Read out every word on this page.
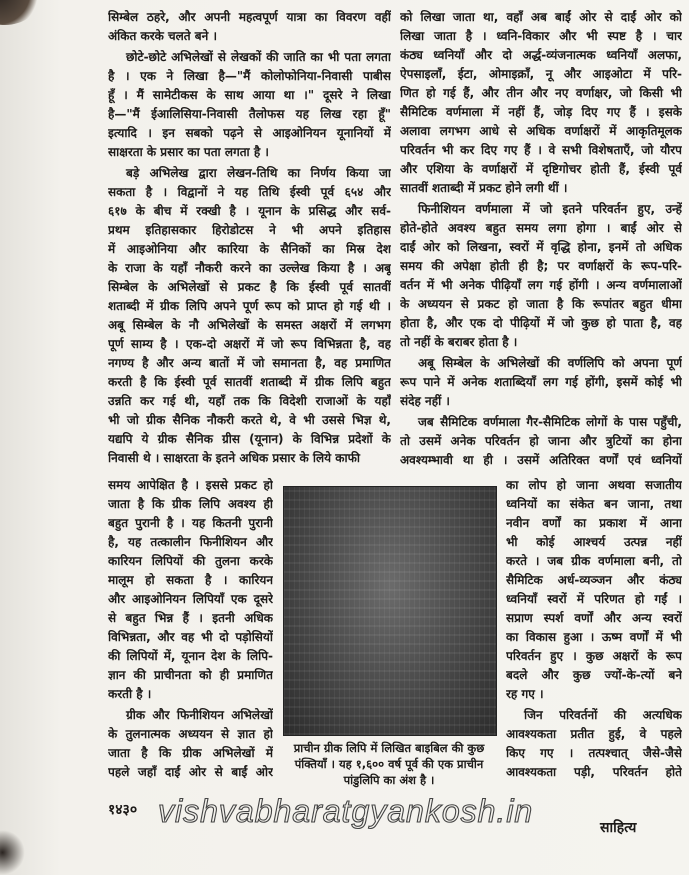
सिम्बेल ठहरे, और अपनी महत्वपूर्ण यात्रा का विवरण वहीं
अंकित करके चलते बने ।
छोटे-छोटे अभिलेखों से लेखकों की जाति का भी पता लगता
है । एक ने लिखा है—"मैं कोलोफोनिया-निवासी पाबीस
हूँ । मैं सामेटीकस के साथ आया था ।" दूसरे ने लिखा
है—"मैं ईआलिसिया-निवासी तैलोफस यह लिख रहा हूँ"
इत्यादि । इन सबको पढ़ने से आइओनियन यूनानियों में
साक्षरता के प्रसार का पता लगता है ।
बड़े अभिलेख द्वारा लेखन-तिथि का निर्णय किया जा
सकता है । विद्वानों ने यह तिथि ईस्वी पूर्व ६५४ और
६१७ के बीच में रक्खी है । यूनान के प्रसिद्ध और सर्व-
प्रथम इतिहासकार हिरोडोटस ने भी अपने इतिहास
में आइओनिया और कारिया के सैनिकों का मिस्र देश
के राजा के यहाँ नौकरी करने का उल्लेख किया है । अबू
सिम्बेल के अभिलेखों से प्रकट है कि ईस्वी पूर्व सातवीं
शताब्दी में ग्रीक लिपि अपने पूर्ण रूप को प्राप्त हो गई थी ।
अबू सिम्बेल के नौ अभिलेखों के समस्त अक्षरों में लगभग
पूर्ण साम्य है । एक-दो अक्षरों में जो रूप विभिन्नता है, वह
नगण्य है और अन्य बातों में जो समानता है, वह प्रमाणित
करती है कि ईस्वी पूर्व सातवीं शताब्दी में ग्रीक लिपि बहुत
उन्नति कर गई थी, यहाँ तक कि विदेशी राजाओं के यहाँ
भी जो ग्रीक सैनिक नौकरी करते थे, वे भी उससे भिज्ञ थे,
यद्यपि ये ग्रीक सैनिक ग्रीस (यूनान) के विभिन्न प्रदेशों के
निवासी थे । साक्षरता के इतने अधिक प्रसार के लिये काफी
समय आपेक्षित है । इससे प्रकट हो
जाता है कि ग्रीक लिपि अवश्य ही
बहुत पुरानी है । यह कितनी पुरानी
है, यह तत्कालीन फिनीशियन और
कारियन लिपियों की तुलना करके
मालूम हो सकता है । कारियन
और आइओनियन लिपियाँ एक दूसरे
से बहुत भिन्न हैं । इतनी अधिक
विभिन्नता, और वह भी दो पड़ोसियों
की लिपियों में, यूनान देश के लिपि-
ज्ञान की प्राचीनता को ही प्रमाणित
करती है ।
ग्रीक और फिनीशियन अभिलेखों
के तुलनात्मक अध्ययन से ज्ञात हो
जाता है कि ग्रीक अभिलेखों में
पहले जहाँ दाईं ओर से बाईं ओर
को लिखा जाता था, वहाँ अब बाईं ओर से दाईं ओर को
लिखा जाता है । ध्वनि-विकार और भी स्पष्ट है । चार
कंठ्य ध्वनियाँ और दो अर्द्ध-व्यंजनात्मक ध्वनियाँ अलफा,
ऐपसाइलॉं, ईटा, ओमाइक्रॉं, नू और आइओटा में परि-
णित हो गई हैं, और तीन और नए वर्णाक्षर, जो किसी भी
सैमिटिक वर्णमाला में नहीं हैं, जोड़ दिए गए हैं । इसके
अलावा लगभग आधे से अधिक वर्णाक्षरों में आकृतिमूलक
परिवर्तन भी कर दिए गए हैं । वे सभी विशेषताएँ, जो यौरप
और एशिया के वर्णाक्षरों में दृष्टिगोचर होती हैं, ईस्वी पूर्व
सातवीं शताब्दी में प्रकट होने लगी थीं ।
फिनीशियन वर्णमाला में जो इतने परिवर्तन हुए, उन्हें
होते-होते अवश्य बहुत समय लगा होगा । बाईं ओर से
दाईं ओर को लिखना, स्वरों में वृद्धि होना, इनमें तो अधिक
समय की अपेक्षा होती ही है; पर वर्णाक्षरों के रूप-परि-
वर्तन में भी अनेक पीढ़ियाँ लग गई होंगी । अन्य वर्णमालाओं
के अध्ययन से प्रकट हो जाता है कि रूपांतर बहुत धीमा
होता है, और एक दो पीढ़ियों में जो कुछ हो पाता है, वह
तो नहीं के बराबर होता है ।
अबू सिम्बेल के अभिलेखों की वर्णलिपि को अपना पूर्ण
रूप पाने में अनेक शताब्दियाँ लग गई होंगी, इसमें कोई भी
संदेह नहीं ।
जब सैमिटिक वर्णमाला गैर-सैमिटिक लोगों के पास पहुँची,
तो उसमें अनेक परिवर्तन हो जाना और त्रुटियों का होना
अवश्यम्भावी था ही । उसमें अतिरिक्त वर्णों एवं ध्वनियों
का लोप हो जाना अथवा सजातीय
ध्वनियों का संकेत बन जाना, तथा
नवीन वर्णों का प्रकाश में आना
भी कोई आश्चर्य उत्पन्न नहीं
करते । जब ग्रीक वर्णमाला बनी, तो
सैमिटिक अर्ध-व्यञ्जन और कंठ्य
ध्वनियाँ स्वरों में परिणत हो गईं ।
सप्राण स्पर्श वर्णों और अन्य स्वरों
का विकास हुआ । ऊष्म वर्णों में भी
परिवर्तन हुए । कुछ अक्षरों के रूप
बदले और कुछ ज्यों-के-त्यों बने
रह गए ।
जिन परिवर्तनों की अत्यधिक
आवश्यकता प्रतीत हुई, वे पहले
किए गए । तत्पश्चात् जैसे-जैसे
आवश्यकता पड़ी, परिवर्तन होते
प्राचीन ग्रीक लिपि में लिखित बाइबिल की कुछ
पंक्तियाँ । यह १,६०० वर्ष पूर्व की एक प्राचीन
पांडुलिपि का अंश है ।
vishvabharatgyankosh.in
१४३०
साहित्य
